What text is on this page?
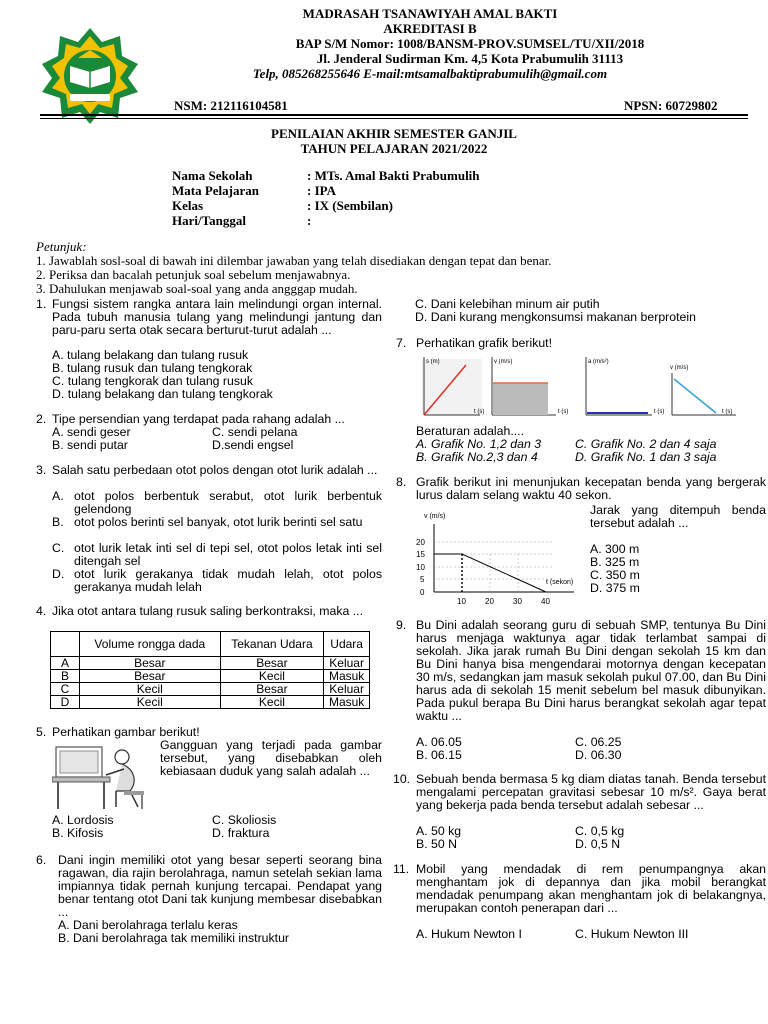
MADRASAH TSANAWIYAH AMAL BAKTI
AKREDITASI B
BAP S/M Nomor: 1008/BANSM-PROV.SUMSEL/TU/XII/2018
Jl. Jenderal Sudirman Km. 4,5 Kota Prabumulih 31113
Telp, 085268255646 E-mail:mtsamalbaktiprabumulih@gmail.com
NSM: 212116104581	NPSN: 60729802
PENILAIAN AKHIR SEMESTER GANJIL
TAHUN PELAJARAN 2021/2022
Nama Sekolah	: MTs. Amal Bakti Prabumulih
Mata Pelajaran	: IPA
Kelas	: IX (Sembilan)
Hari/Tanggal	:
Petunjuk:
1. Jawablah sosl-soal di bawah ini dilembar jawaban yang telah disediakan dengan tepat dan benar.
2. Periksa dan bacalah petunjuk soal sebelum menjawabnya.
3. Dahulukan menjawab soal-soal yang anda angggap mudah.
1. Fungsi sistem rangka antara lain melindungi organ internal. Pada tubuh manusia tulang yang melindungi jantung dan paru-paru serta otak secara berturut-turut adalah ...
A. tulang belakang dan tulang rusuk
B. tulang rusuk dan tulang tengkorak
C. tulang tengkorak dan tulang rusuk
D. tulang belakang dan tulang tengkorak
2. Tipe persendian yang terdapat pada rahang adalah ...
A. sendi geser	C. sendi pelana
B. sendi putar	D.sendi engsel
3. Salah satu perbedaan otot polos dengan otot lurik adalah ...
A. otot polos berbentuk serabut, otot lurik berbentuk gelendong
B. otot polos berinti sel banyak, otot lurik berinti sel satu
C. otot lurik letak inti sel di tepi sel, otot polos letak inti sel ditengah sel
D. otot lurik gerakanya tidak mudah lelah, otot polos gerakanya mudah lelah
4. Jika otot antara tulang rusuk saling berkontraksi, maka ...
	Volume rongga dada	Tekanan Udara	Udara
A	Besar	Besar	Keluar
B	Besar	Kecil	Masuk
C	Kecil	Besar	Keluar
D	Kecil	Kecil	Masuk
5. Perhatikan gambar berikut!
Gangguan yang terjadi pada gambar tersebut, yang disebabkan oleh kebiasaan duduk yang salah adalah ...
A. Lordosis	C. Skoliosis
B. Kifosis	D. fraktura
6. Dani ingin memiliki otot yang besar seperti seorang bina ragawan, dia rajin berolahraga, namun setelah sekian lama impiannya tidak pernah kunjung tercapai. Pendapat yang benar tentang otot Dani tak kunjung membesar disebabkan ...
A. Dani berolahraga terlalu keras
B. Dani berolahraga tak memiliki instruktur
C. Dani kelebihan minum air putih
D. Dani kurang mengkonsumsi makanan berprotein
7. Perhatikan grafik berikut!
s (m)
t (s)
v (m/s)
t (s)
a (m/s²)
t (s)
v (m/s)
t (s)
Beraturan adalah....
A. Grafik No. 1,2 dan 3	C. Grafik No. 2 dan 4 saja
B. Grafik No.2,3 dan 4	D. Grafik No. 1 dan 3 saja
8. Grafik berikut ini menunjukan kecepatan benda yang bergerak lurus dalam selang waktu 40 sekon.
v (m/s)
20
15
10
5
0
10 20 30 40
t (sekon)
Jarak yang ditempuh benda tersebut adalah ...
A. 300 m
B. 325 m
C. 350 m
D. 375 m
9. Bu Dini adalah seorang guru di sebuah SMP, tentunya Bu Dini harus menjaga waktunya agar tidak terlambat sampai di sekolah. Jika jarak rumah Bu Dini dengan sekolah 15 km dan Bu Dini hanya bisa mengendarai motornya dengan kecepatan 30 m/s, sedangkan jam masuk sekolah pukul 07.00, dan Bu Dini harus ada di sekolah 15 menit sebelum bel masuk dibunyikan. Pada pukul berapa Bu Dini harus berangkat sekolah agar tepat waktu ...
A. 06.05	C. 06.25
B. 06.15	D. 06.30
10. Sebuah benda bermasa 5 kg diam diatas tanah. Benda tersebut mengalami percepatan gravitasi sebesar 10 m/s². Gaya berat yang bekerja pada benda tersebut adalah sebesar ...
A. 50 kg	C. 0,5 kg
B. 50 N	D. 0,5 N
11. Mobil yang mendadak di rem penumpangnya akan menghantam jok di depannya dan jika mobil berangkat mendadak penumpang akan menghantam jok di belakangnya, merupakan contoh penerapan dari ...
A. Hukum Newton I	C. Hukum Newton III
